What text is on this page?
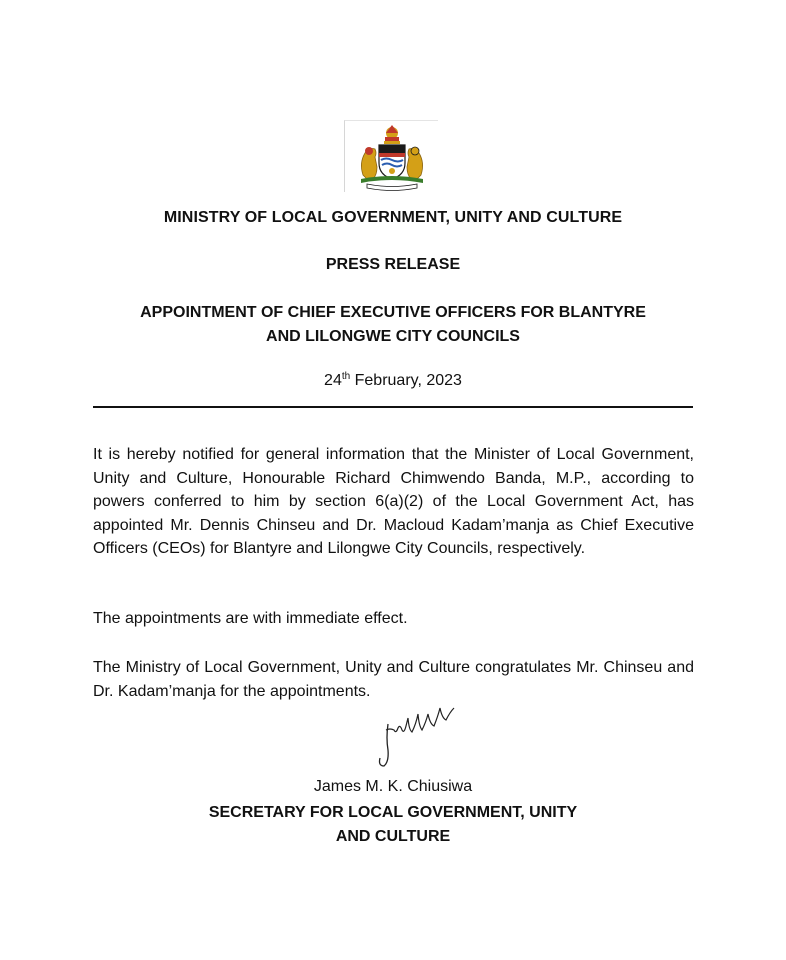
MINISTRY OF LOCAL GOVERNMENT, UNITY AND CULTURE
PRESS RELEASE
APPOINTMENT OF CHIEF EXECUTIVE OFFICERS FOR BLANTYRE
AND LILONGWE CITY COUNCILS
24th February, 2023
It is hereby notified for general information that the Minister of Local Government, Unity and Culture, Honourable Richard Chimwendo Banda, M.P., according to powers conferred to him by section 6(a)(2) of the Local Government Act, has appointed Mr. Dennis Chinseu and Dr. Macloud Kadam’manja as Chief Executive Officers (CEOs) for Blantyre and Lilongwe City Councils, respectively.
The appointments are with immediate effect.
The Ministry of Local Government, Unity and Culture congratulates Mr. Chinseu and Dr. Kadam’manja for the appointments.
James M. K. Chiusiwa
SECRETARY FOR LOCAL GOVERNMENT, UNITY
AND CULTURE
